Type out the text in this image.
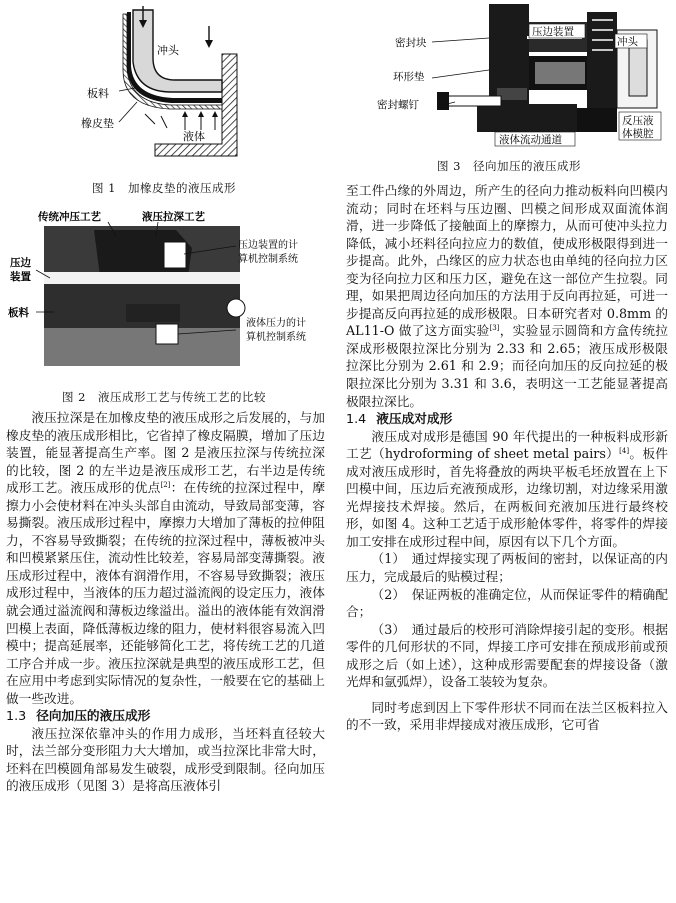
冲头
板料
橡皮垫
液体
图 1　加橡皮垫的液压成形
密封块
压边装置
冲头
环形垫
密封螺钉
液体流动通道
反压液
体模腔
图 3　径向加压的液压成形
传统冲压工艺	液压拉深工艺
压边装置的计
算机控制系统
压边
装置
板料
液体压力的计
算机控制系统
图 2　液压成形工艺与传统工艺的比较

液压拉深是在加橡皮垫的液压成形之后发展的，与加橡皮垫的液压成形相比，它省掉了橡皮隔膜，增加了压边装置，能显著提高生产率。图 2 是液压拉深与传统拉深的比较，图 2 的左半边是液压成形工艺，右半边是传统成形工艺。液压成形的优点[2]：在传统的拉深过程中，摩擦力小会使材料在冲头头部自由流动，导致局部变薄，容易撕裂。液压成形过程中，摩擦力大增加了薄板的拉伸阻力，不容易导致撕裂；在传统的拉深过程中，薄板被冲头和凹模紧紧压住，流动性比较差，容易局部变薄撕裂。液压成形过程中，液体有润滑作用，不容易导致撕裂；液压成形过程中，当液体的压力超过溢流阀的设定压力，液体就会通过溢流阀和薄板边缘溢出。溢出的液体能有效润滑凹模上表面，降低薄板边缘的阻力，使材料很容易流入凹模中；提高延展率，还能够简化工艺，将传统工艺的几道工序合并成一步。液压拉深就是典型的液压成形工艺，但在应用中考虑到实际情况的复杂性，一般要在它的基础上做一些改进。

1.3 径向加压的液压成形

液压拉深依靠冲头的作用力成形，当坯料直径较大时，法兰部分变形阻力大大增加，或当拉深比非常大时，坯料在凹模圆角部易发生破裂，成形受到限制。径向加压的液压成形（见图 3）是将高压液体引

至工件凸缘的外周边，所产生的径向力推动板料向凹模内流动；同时在坯料与压边圈、凹模之间形成双面流体润滑，进一步降低了接触面上的摩擦力，从而可使冲头拉力降低，减小坯料径向拉应力的数值，使成形极限得到进一步提高。此外，凸缘区的应力状态也由单纯的径向拉力区变为径向拉力区和压力区，避免在这一部位产生拉裂。同理，如果把周边径向加压的方法用于反向再拉延，可进一步提高反向再拉延的成形极限。日本研究者对 0.8mm 的 AL11-O 做了这方面实验[3]，实验显示圆筒和方盒传统拉深成形极限拉深比分别为 2.33 和 2.65；液压成形极限拉深比分别为 2.61 和 2.9；而径向加压的反向拉延的极限拉深比分别为 3.31 和 3.6，表明这一工艺能显著提高极限拉深比。

1.4 液压成对成形

液压成对成形是德国 90 年代提出的一种板料成形新工艺（hydroforming of sheet metal pairs）[4]。板件成对液压成形时，首先将叠放的两块平板毛坯放置在上下凹模中间，压边后充液预成形，边缘切割，对边缘采用激光焊接技术焊接。然后，在两板间充液加压进行最终校形，如图 4。这种工艺适于成形舱体零件，将零件的焊接加工安排在成形过程中间，原因有以下几个方面。

（1）　通过焊接实现了两板间的密封，以保证高的内压力，完成最后的贴模过程；

（2）　保证两板的准确定位，从而保证零件的精确配合；

（3）　通过最后的校形可消除焊接引起的变形。根据零件的几何形状的不同，焊接工序可安排在预成形前或预成形之后（如上述），这种成形需要配套的焊接设备（激光焊和氩弧焊），设备工装较为复杂。

同时考虑到因上下零件形状不同而在法兰区板料拉入的不一致，采用非焊接成对液压成形，它可省
